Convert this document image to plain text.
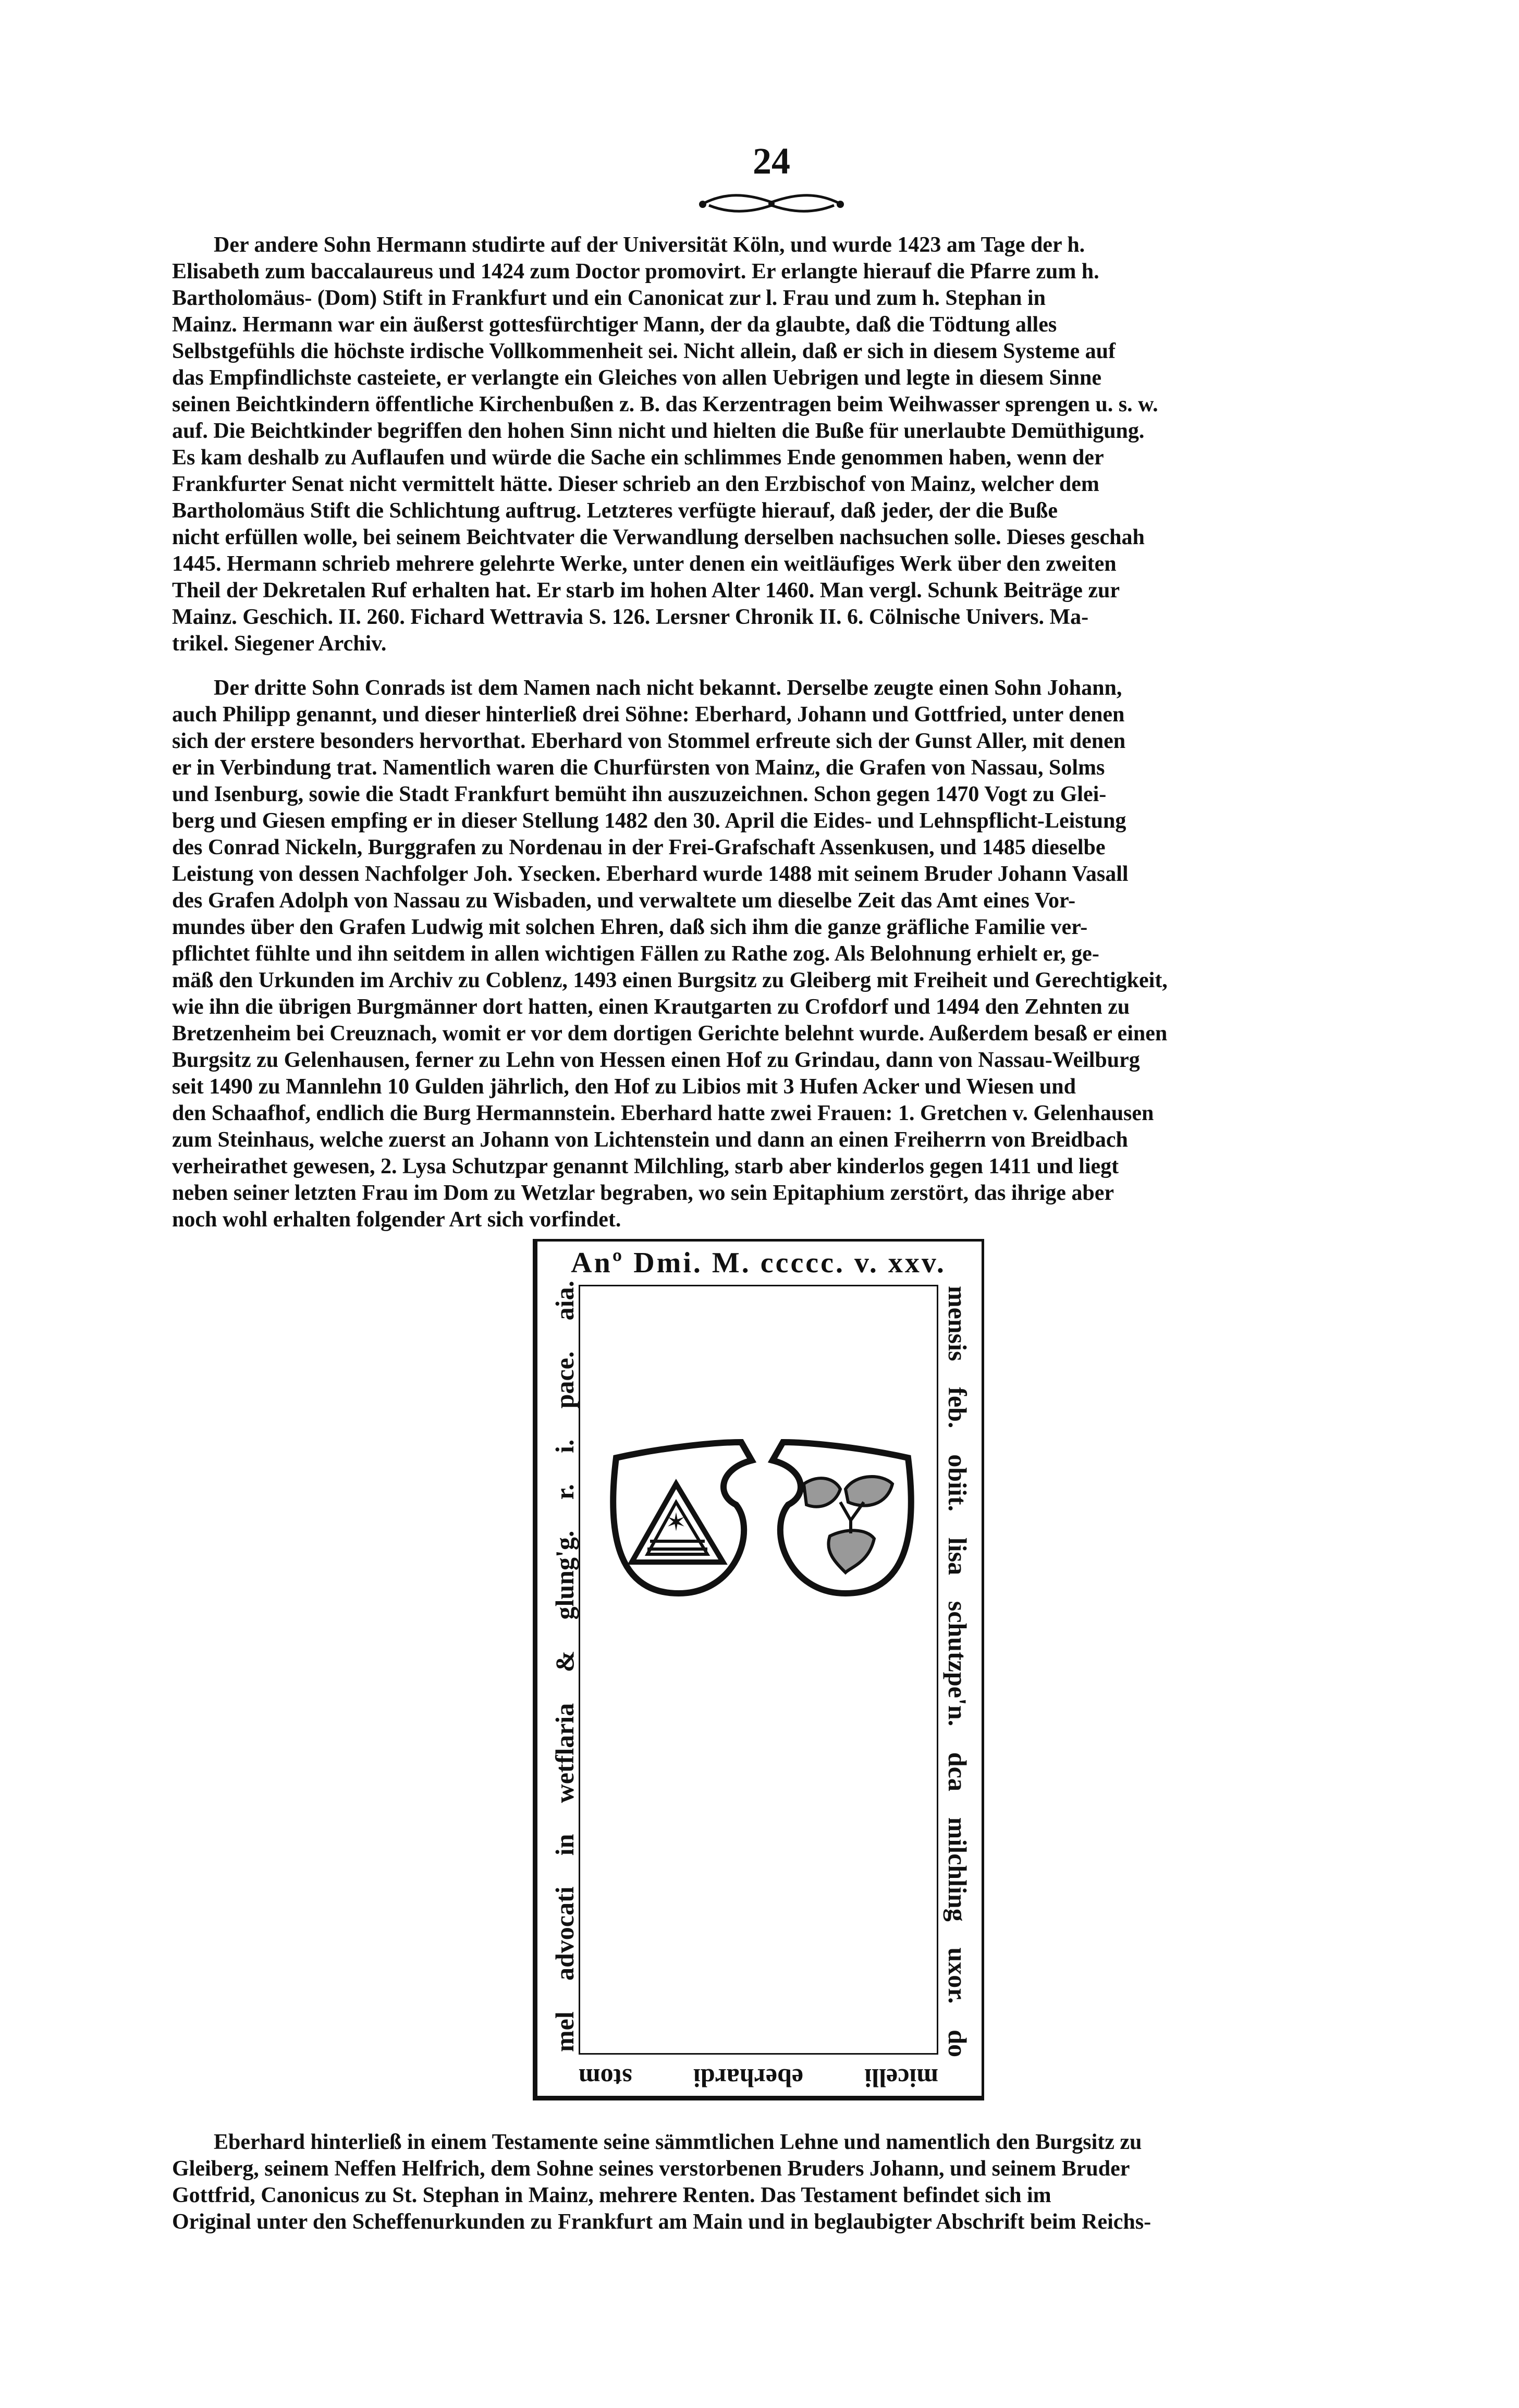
24
Der andere Sohn Hermann studirte auf der Universität Köln, und wurde 1423 am Tage der h.
Elisabeth zum baccalaureus und 1424 zum Doctor promovirt. Er erlangte hierauf die Pfarre zum h.
Bartholomäus- (Dom) Stift in Frankfurt und ein Canonicat zur l. Frau und zum h. Stephan in
Mainz. Hermann war ein äußerst gottesfürchtiger Mann, der da glaubte, daß die Tödtung alles
Selbstgefühls die höchste irdische Vollkommenheit sei. Nicht allein, daß er sich in diesem Systeme auf
das Empfindlichste casteiete, er verlangte ein Gleiches von allen Uebrigen und legte in diesem Sinne
seinen Beichtkindern öffentliche Kirchenbußen z. B. das Kerzentragen beim Weihwasser sprengen u. s. w.
auf. Die Beichtkinder begriffen den hohen Sinn nicht und hielten die Buße für unerlaubte Demüthigung.
Es kam deshalb zu Auflaufen und würde die Sache ein schlimmes Ende genommen haben, wenn der
Frankfurter Senat nicht vermittelt hätte. Dieser schrieb an den Erzbischof von Mainz, welcher dem
Bartholomäus Stift die Schlichtung auftrug. Letzteres verfügte hierauf, daß jeder, der die Buße
nicht erfüllen wolle, bei seinem Beichtvater die Verwandlung derselben nachsuchen solle. Dieses geschah
1445. Hermann schrieb mehrere gelehrte Werke, unter denen ein weitläufiges Werk über den zweiten
Theil der Dekretalen Ruf erhalten hat. Er starb im hohen Alter 1460. Man vergl. Schunk Beiträge zur
Mainz. Geschich. II. 260. Fichard Wettravia S. 126. Lersner Chronik II. 6. Cölnische Univers. Ma-
trikel. Siegener Archiv.
Der dritte Sohn Conrads ist dem Namen nach nicht bekannt. Derselbe zeugte einen Sohn Johann,
auch Philipp genannt, und dieser hinterließ drei Söhne: Eberhard, Johann und Gottfried, unter denen
sich der erstere besonders hervorthat. Eberhard von Stommel erfreute sich der Gunst Aller, mit denen
er in Verbindung trat. Namentlich waren die Churfürsten von Mainz, die Grafen von Nassau, Solms
und Isenburg, sowie die Stadt Frankfurt bemüht ihn auszuzeichnen. Schon gegen 1470 Vogt zu Glei-
berg und Giesen empfing er in dieser Stellung 1482 den 30. April die Eides- und Lehnspflicht-Leistung
des Conrad Nickeln, Burggrafen zu Nordenau in der Frei-Grafschaft Assenkusen, und 1485 dieselbe
Leistung von dessen Nachfolger Joh. Ysecken. Eberhard wurde 1488 mit seinem Bruder Johann Vasall
des Grafen Adolph von Nassau zu Wisbaden, und verwaltete um dieselbe Zeit das Amt eines Vor-
mundes über den Grafen Ludwig mit solchen Ehren, daß sich ihm die ganze gräfliche Familie ver-
pflichtet fühlte und ihn seitdem in allen wichtigen Fällen zu Rathe zog. Als Belohnung erhielt er, ge-
mäß den Urkunden im Archiv zu Coblenz, 1493 einen Burgsitz zu Gleiberg mit Freiheit und Gerechtigkeit,
wie ihn die übrigen Burgmänner dort hatten, einen Krautgarten zu Crofdorf und 1494 den Zehnten zu
Bretzenheim bei Creuznach, womit er vor dem dortigen Gerichte belehnt wurde. Außerdem besaß er einen
Burgsitz zu Gelenhausen, ferner zu Lehn von Hessen einen Hof zu Grindau, dann von Nassau-Weilburg
seit 1490 zu Mannlehn 10 Gulden jährlich, den Hof zu Libios mit 3 Hufen Acker und Wiesen und
den Schaafhof, endlich die Burg Hermannstein. Eberhard hatte zwei Frauen: 1. Gretchen v. Gelenhausen
zum Steinhaus, welche zuerst an Johann von Lichtenstein und dann an einen Freiherrn von Breidbach
verheirathet gewesen, 2. Lysa Schutzpar genannt Milchling, starb aber kinderlos gegen 1411 und liegt
neben seiner letzten Frau im Dom zu Wetzlar begraben, wo sein Epitaphium zerstört, das ihrige aber
noch wohl erhalten folgender Art sich vorfindet.
Anº Dmi. M. ccccc. v. xxv.
mensis feb. obiit. lisa schutzpe'n. dca milchling uxor. do
micelli eberhardi stom
mel advocati in wetflaria & glung'g. r. i. pace. aia.	✶
Eberhard hinterließ in einem Testamente seine sämmtlichen Lehne und namentlich den Burgsitz zu
Gleiberg, seinem Neffen Helfrich, dem Sohne seines verstorbenen Bruders Johann, und seinem Bruder
Gottfrid, Canonicus zu St. Stephan in Mainz, mehrere Renten. Das Testament befindet sich im
Original unter den Scheffenurkunden zu Frankfurt am Main und in beglaubigter Abschrift beim Reichs-
